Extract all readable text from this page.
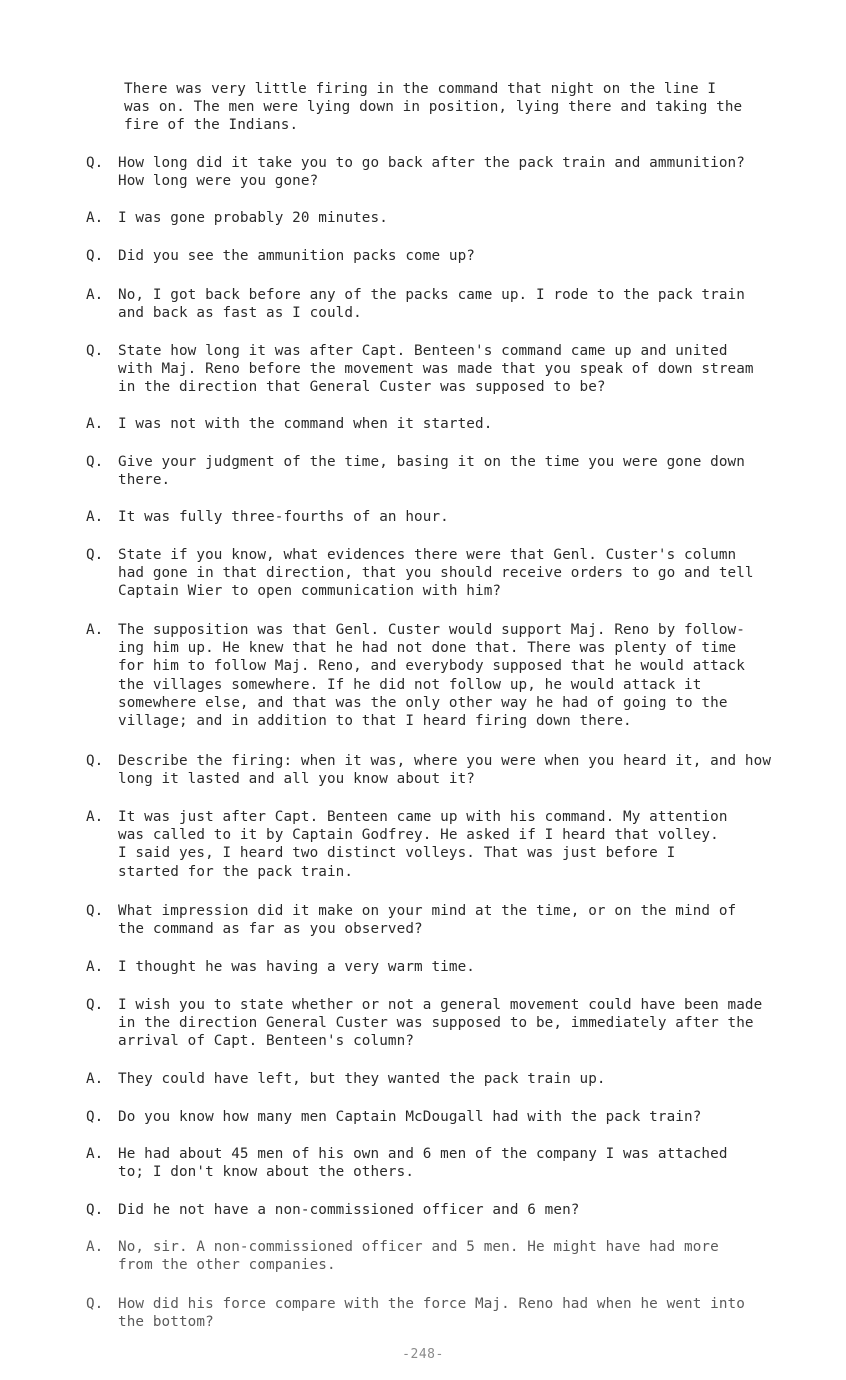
There was very little firing in the command that night on the line I
was on. The men were lying down in position, lying there and taking the
fire of the Indians.
Q.	How long did it take you to go back after the pack train and ammunition?
How long were you gone?
A.	I was gone probably 20 minutes.
Q.	Did you see the ammunition packs come up?
A.	No, I got back before any of the packs came up. I rode to the pack train
and back as fast as I could.
Q.	State how long it was after Capt. Benteen's command came up and united
with Maj. Reno before the movement was made that you speak of down stream
in the direction that General Custer was supposed to be?
A.	I was not with the command when it started.
Q.	Give your judgment of the time, basing it on the time you were gone down
there.
A.	It was fully three-fourths of an hour.
Q.	State if you know, what evidences there were that Genl. Custer's column
had gone in that direction, that you should receive orders to go and tell
Captain Wier to open communication with him?
A.	The supposition was that Genl. Custer would support Maj. Reno by follow-
ing him up. He knew that he had not done that. There was plenty of time
for him to follow Maj. Reno, and everybody supposed that he would attack
the villages somewhere. If he did not follow up, he would attack it
somewhere else, and that was the only other way he had of going to the
village; and in addition to that I heard firing down there.
Q.	Describe the firing: when it was, where you were when you heard it, and how
long it lasted and all you know about it?
A.	It was just after Capt. Benteen came up with his command. My attention
was called to it by Captain Godfrey. He asked if I heard that volley.
I said yes, I heard two distinct volleys. That was just before I
started for the pack train.
Q.	What impression did it make on your mind at the time, or on the mind of
the command as far as you observed?
A.	I thought he was having a very warm time.
Q.	I wish you to state whether or not a general movement could have been made
in the direction General Custer was supposed to be, immediately after the
arrival of Capt. Benteen's column?
A.	They could have left, but they wanted the pack train up.
Q.	Do you know how many men Captain McDougall had with the pack train?
A.	He had about 45 men of his own and 6 men of the company I was attached
to; I don't know about the others.
Q.	Did he not have a non-commissioned officer and 6 men?
A.	No, sir. A non-commissioned officer and 5 men. He might have had more
from the other companies.
Q.	How did his force compare with the force Maj. Reno had when he went into
the bottom?
-248-
